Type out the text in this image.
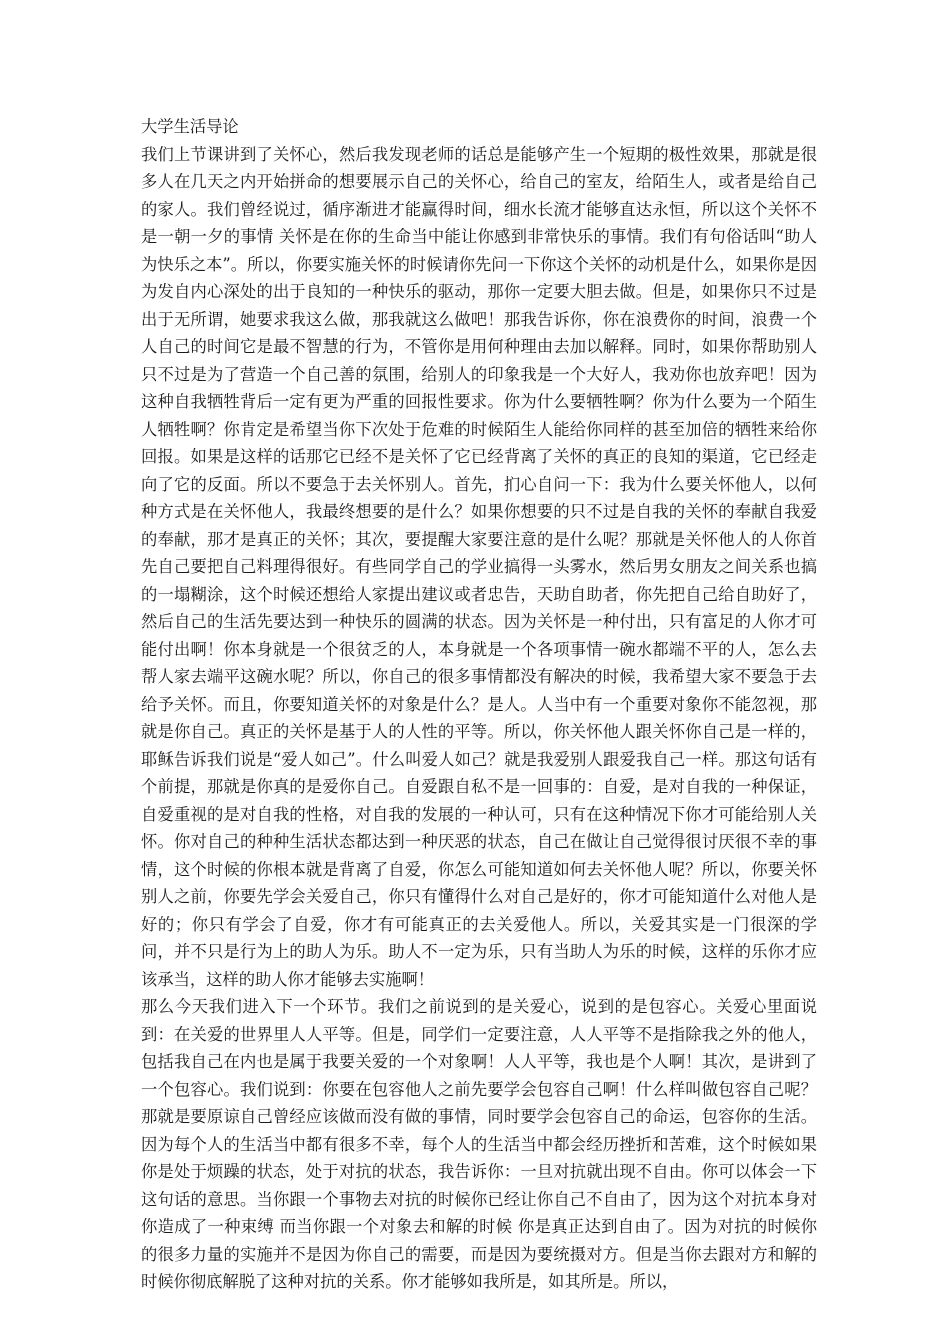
大学生活导论

我们上节课讲到了关怀心，然后我发现老师的话总是能够产生一个短期的极性效果，那就是很多人在几天之内开始拼命的想要展示自己的关怀心，给自己的室友，给陌生人，或者是给自己的家人。我们曾经说过，循序渐进才能赢得时间，细水长流才能够直达永恒，所以这个关怀不是一朝一夕的事情 关怀是在你的生命当中能让你感到非常快乐的事情。我们有句俗话叫“助人为快乐之本”。所以，你要实施关怀的时候请你先问一下你这个关怀的动机是什么，如果你是因为发自内心深处的出于良知的一种快乐的驱动，那你一定要大胆去做。但是，如果你只不过是出于无所谓，她要求我这么做，那我就这么做吧！那我告诉你，你在浪费你的时间，浪费一个人自己的时间它是最不智慧的行为，不管你是用何种理由去加以解释。同时，如果你帮助别人只不过是为了营造一个自己善的氛围，给别人的印象我是一个大好人，我劝你也放弃吧！因为这种自我牺牲背后一定有更为严重的回报性要求。你为什么要牺牲啊？你为什么要为一个陌生人牺牲啊？你肯定是希望当你下次处于危难的时候陌生人能给你同样的甚至加倍的牺牲来给你回报。如果是这样的话那它已经不是关怀了它已经背离了关怀的真正的良知的渠道，它已经走向了它的反面。所以不要急于去关怀别人。首先，扪心自问一下：我为什么要关怀他人，以何种方式是在关怀他人，我最终想要的是什么？如果你想要的只不过是自我的关怀的奉献自我爱的奉献，那才是真正的关怀；其次，要提醒大家要注意的是什么呢？那就是关怀他人的人你首先自己要把自己料理得很好。有些同学自己的学业搞得一头雾水，然后男女朋友之间关系也搞的一塌糊涂，这个时候还想给人家提出建议或者忠告，天助自助者，你先把自己给自助好了，然后自己的生活先要达到一种快乐的圆满的状态。因为关怀是一种付出，只有富足的人你才可能付出啊！你本身就是一个很贫乏的人，本身就是一个各项事情一碗水都端不平的人，怎么去帮人家去端平这碗水呢？所以，你自己的很多事情都没有解决的时候，我希望大家不要急于去给予关怀。而且，你要知道关怀的对象是什么？是人。人当中有一个重要对象你不能忽视，那就是你自己。真正的关怀是基于人的人性的平等。所以，你关怀他人跟关怀你自己是一样的，耶稣告诉我们说是“爱人如己”。什么叫爱人如己？就是我爱别人跟爱我自己一样。那这句话有个前提，那就是你真的是爱你自己。自爱跟自私不是一回事的：自爱，是对自我的一种保证，自爱重视的是对自我的性格，对自我的发展的一种认可，只有在这种情况下你才可能给别人关怀。你对自己的种种生活状态都达到一种厌恶的状态，自己在做让自己觉得很讨厌很不幸的事情，这个时候的你根本就是背离了自爱，你怎么可能知道如何去关怀他人呢？所以，你要关怀别人之前，你要先学会关爱自己，你只有懂得什么对自己是好的，你才可能知道什么对他人是好的；你只有学会了自爱，你才有可能真正的去关爱他人。所以，关爱其实是一门很深的学问，并不只是行为上的助人为乐。助人不一定为乐，只有当助人为乐的时候，这样的乐你才应该承当，这样的助人你才能够去实施啊！

那么今天我们进入下一个环节。我们之前说到的是关爱心，说到的是包容心。关爱心里面说到：在关爱的世界里人人平等。但是，同学们一定要注意，人人平等不是指除我之外的他人，包括我自己在内也是属于我要关爱的一个对象啊！人人平等，我也是个人啊！其次，是讲到了一个包容心。我们说到：你要在包容他人之前先要学会包容自己啊！什么样叫做包容自己呢？那就是要原谅自己曾经应该做而没有做的事情，同时要学会包容自己的命运，包容你的生活。因为每个人的生活当中都有很多不幸，每个人的生活当中都会经历挫折和苦难，这个时候如果你是处于烦躁的状态，处于对抗的状态，我告诉你：一旦对抗就出现不自由。你可以体会一下这句话的意思。当你跟一个事物去对抗的时候你已经让你自己不自由了，因为这个对抗本身对你造成了一种束缚 而当你跟一个对象去和解的时候 你是真正达到自由了。因为对抗的时候你的很多力量的实施并不是因为你自己的需要，而是因为要统摄对方。但是当你去跟对方和解的时候你彻底解脱了这种对抗的关系。你才能够如我所是，如其所是。所以，
